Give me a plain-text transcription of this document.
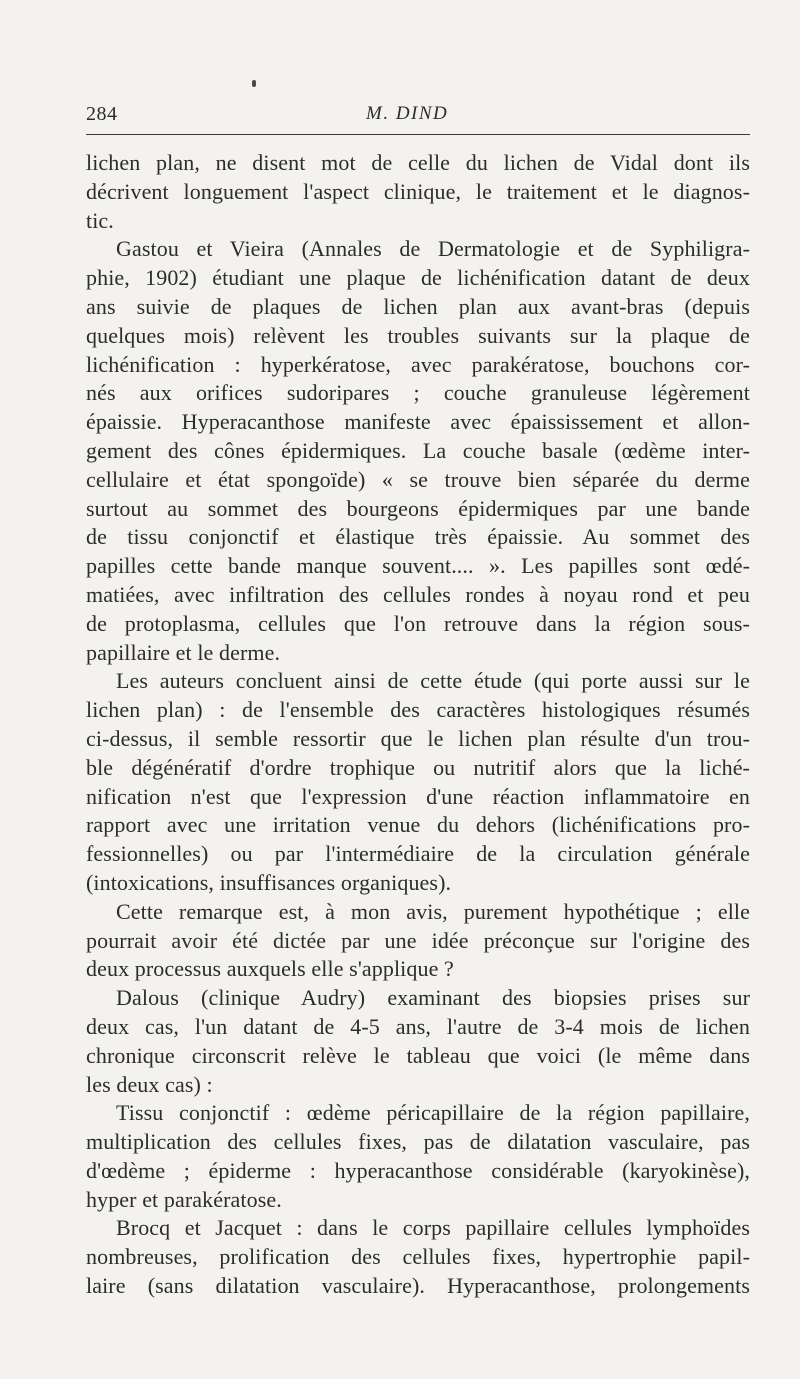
284	M. DIND
lichen plan, ne disent mot de celle du lichen de Vidal dont ils
décrivent longuement l'aspect clinique, le traitement et le diagnos-
tic.
Gastou et Vieira (Annales de Dermatologie et de Syphiligra-
phie, 1902) étudiant une plaque de lichénification datant de deux
ans suivie de plaques de lichen plan aux avant-bras (depuis
quelques mois) relèvent les troubles suivants sur la plaque de
lichénification : hyperkératose, avec parakératose, bouchons cor-
nés aux orifices sudoripares ; couche granuleuse légèrement
épaissie. Hyperacanthose manifeste avec épaississement et allon-
gement des cônes épidermiques. La couche basale (œdème inter-
cellulaire et état spongoïde) « se trouve bien séparée du derme
surtout au sommet des bourgeons épidermiques par une bande
de tissu conjonctif et élastique très épaissie. Au sommet des
papilles cette bande manque souvent.... ». Les papilles sont œdé-
matiées, avec infiltration des cellules rondes à noyau rond et peu
de protoplasma, cellules que l'on retrouve dans la région sous-
papillaire et le derme.
Les auteurs concluent ainsi de cette étude (qui porte aussi sur le
lichen plan) : de l'ensemble des caractères histologiques résumés
ci-dessus, il semble ressortir que le lichen plan résulte d'un trou-
ble dégénératif d'ordre trophique ou nutritif alors que la liché-
nification n'est que l'expression d'une réaction inflammatoire en
rapport avec une irritation venue du dehors (lichénifications pro-
fessionnelles) ou par l'intermédiaire de la circulation générale
(intoxications, insuffisances organiques).
Cette remarque est, à mon avis, purement hypothétique ; elle
pourrait avoir été dictée par une idée préconçue sur l'origine des
deux processus auxquels elle s'applique ?
Dalous (clinique Audry) examinant des biopsies prises sur
deux cas, l'un datant de 4-5 ans, l'autre de 3-4 mois de lichen
chronique circonscrit relève le tableau que voici (le même dans
les deux cas) :
Tissu conjonctif : œdème péricapillaire de la région papillaire,
multiplication des cellules fixes, pas de dilatation vasculaire, pas
d'œdème ; épiderme : hyperacanthose considérable (karyokinèse),
hyper et parakératose.
Brocq et Jacquet : dans le corps papillaire cellules lymphoïdes
nombreuses, prolification des cellules fixes, hypertrophie papil-
laire (sans dilatation vasculaire). Hyperacanthose, prolongements
